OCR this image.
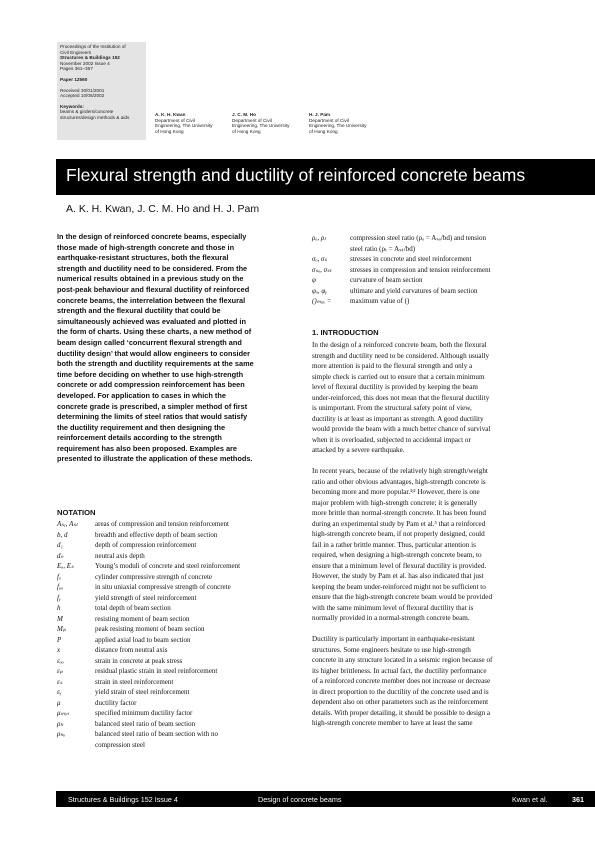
Proceedings of the Institution of
Civil Engineers
Structures & Buildings 152
November 2002 Issue 4
Pages 361–367
Paper 12560
Received 30/01/2001
Accepted 10/06/2002
Keywords:
beams & girders/concrete
structures/design methods & aids
A. K. H. Kwan
Department of Civil
Engineering, The University
of Hong Kong
J. C. M. Ho
Department of Civil
Engineering, The University
of Hong Kong
H. J. Pam
Department of Civil
Engineering, The University
of Hong Kong
Flexural strength and ductility of reinforced concrete beams
A. K. H. Kwan, J. C. M. Ho and H. J. Pam
In the design of reinforced concrete beams, especially
those made of high-strength concrete and those in
earthquake-resistant structures, both the flexural
strength and ductility need to be considered. From the
numerical results obtained in a previous study on the
post-peak behaviour and flexural ductility of reinforced
concrete beams, the interrelation between the flexural
strength and the flexural ductility that could be
simultaneously achieved was evaluated and plotted in
the form of charts. Using these charts, a new method of
beam design called ‘concurrent flexural strength and
ductility design’ that would allow engineers to consider
both the strength and ductility requirements at the same
time before deciding on whether to use high-strength
concrete or add compression reinforcement has been
developed. For application to cases in which the
concrete grade is prescribed, a simpler method of first
determining the limits of steel ratios that would satisfy
the ductility requirement and then designing the
reinforcement details according to the strength
requirement has also been proposed. Examples are
presented to illustrate the application of these methods.
NOTATION
Aₛₑ, Aₛₜ	areas of compression and tension reinforcement
b, d	breadth and effective depth of beam section
d₁	depth of compression reinforcement
dₙ	neutral axis depth
Eₒ, Eₛ	Young’s moduli of concrete and steel reinforcement
fₒ	cylinder compressive strength of concrete
fₒₒ	in situ uniaxial compressive strength of concrete
fᵧ	yield strength of steel reinforcement
h	total depth of beam section
M	resisting moment of beam section
Mₚ	peak resisting moment of beam section
P	applied axial load to beam section
x	distance from neutral axis
εₒₒ	strain in concrete at peak stress
εₚ	residual plastic strain in steel reinforcement
εₛ	strain in steel reinforcement
εᵧ	yield strain of steel reinforcement
μ	ductility factor
μₘᵢₙ	specified minimum ductility factor
ρₕ	balanced steel ratio of beam section
ρₕₒ	balanced steel ratio of beam section with no
compression steel
ρₒ, ρₜ	compression steel ratio (ρₒ = Aₛₒ/bd) and tension
steel ratio (ρₜ = Aₛₜ/bd)
σₒ, σₛ	stresses in concrete and steel reinforcement
σₛₒ, σₛₜ	stresses in compression and tension reinforcement
φ	curvature of beam section
φᵤ, φᵧ	ultimate and yield curvatures of beam section
()ₘₐₓ =	maximum value of ()
1. INTRODUCTION
In the design of a reinforced concrete beam, both the flexural
strength and ductility need to be considered. Although usually
more attention is paid to the flexural strength and only a
simple check is carried out to ensure that a certain minimum
level of flexural ductility is provided by keeping the beam
under-reinforced, this does not mean that the flexural ductility
is unimportant. From the structural safety point of view,
ductility is at least as important as strength. A good ductility
would provide the beam with a much better chance of survival
when it is overloaded, subjected to accidental impact or
attacked by a severe earthquake.
In recent years, because of the relatively high strength/weight
ratio and other obvious advantages, high-strength concrete is
becoming more and more popular.¹ʲ² However, there is one
major problem with high-strength concrete; it is generally
more brittle than normal-strength concrete. It has been found
during an experimental study by Pam et al.³ that a reinforced
high-strength concrete beam, if not properly designed, could
fail in a rather brittle manner. Thus, particular attention is
required, when designing a high-strength concrete beam, to
ensure that a minimum level of flexural ductility is provided.
However, the study by Pam et al. has also indicated that just
keeping the beam under-reinforced might not be sufficient to
ensure that the high-strength concrete beam would be provided
with the same minimum level of flexural ductility that is
normally provided in a normal-strength concrete beam.
Ductility is particularly important in earthquake-resistant
structures. Some engineers hesitate to use high-strength
concrete in any structure located in a seismic region because of
its higher brittleness. In actual fact, the ductility performance
of a reinforced concrete member does not increase or decrease
in direct proportion to the ductility of the concrete used and is
dependent also on other parameters such as the reinforcement
details. With proper detailing, it should be possible to design a
high-strength concrete member to have at least the same
Structures & Buildings 152 Issue 4	Design of concrete beams	Kwan et al.	361
